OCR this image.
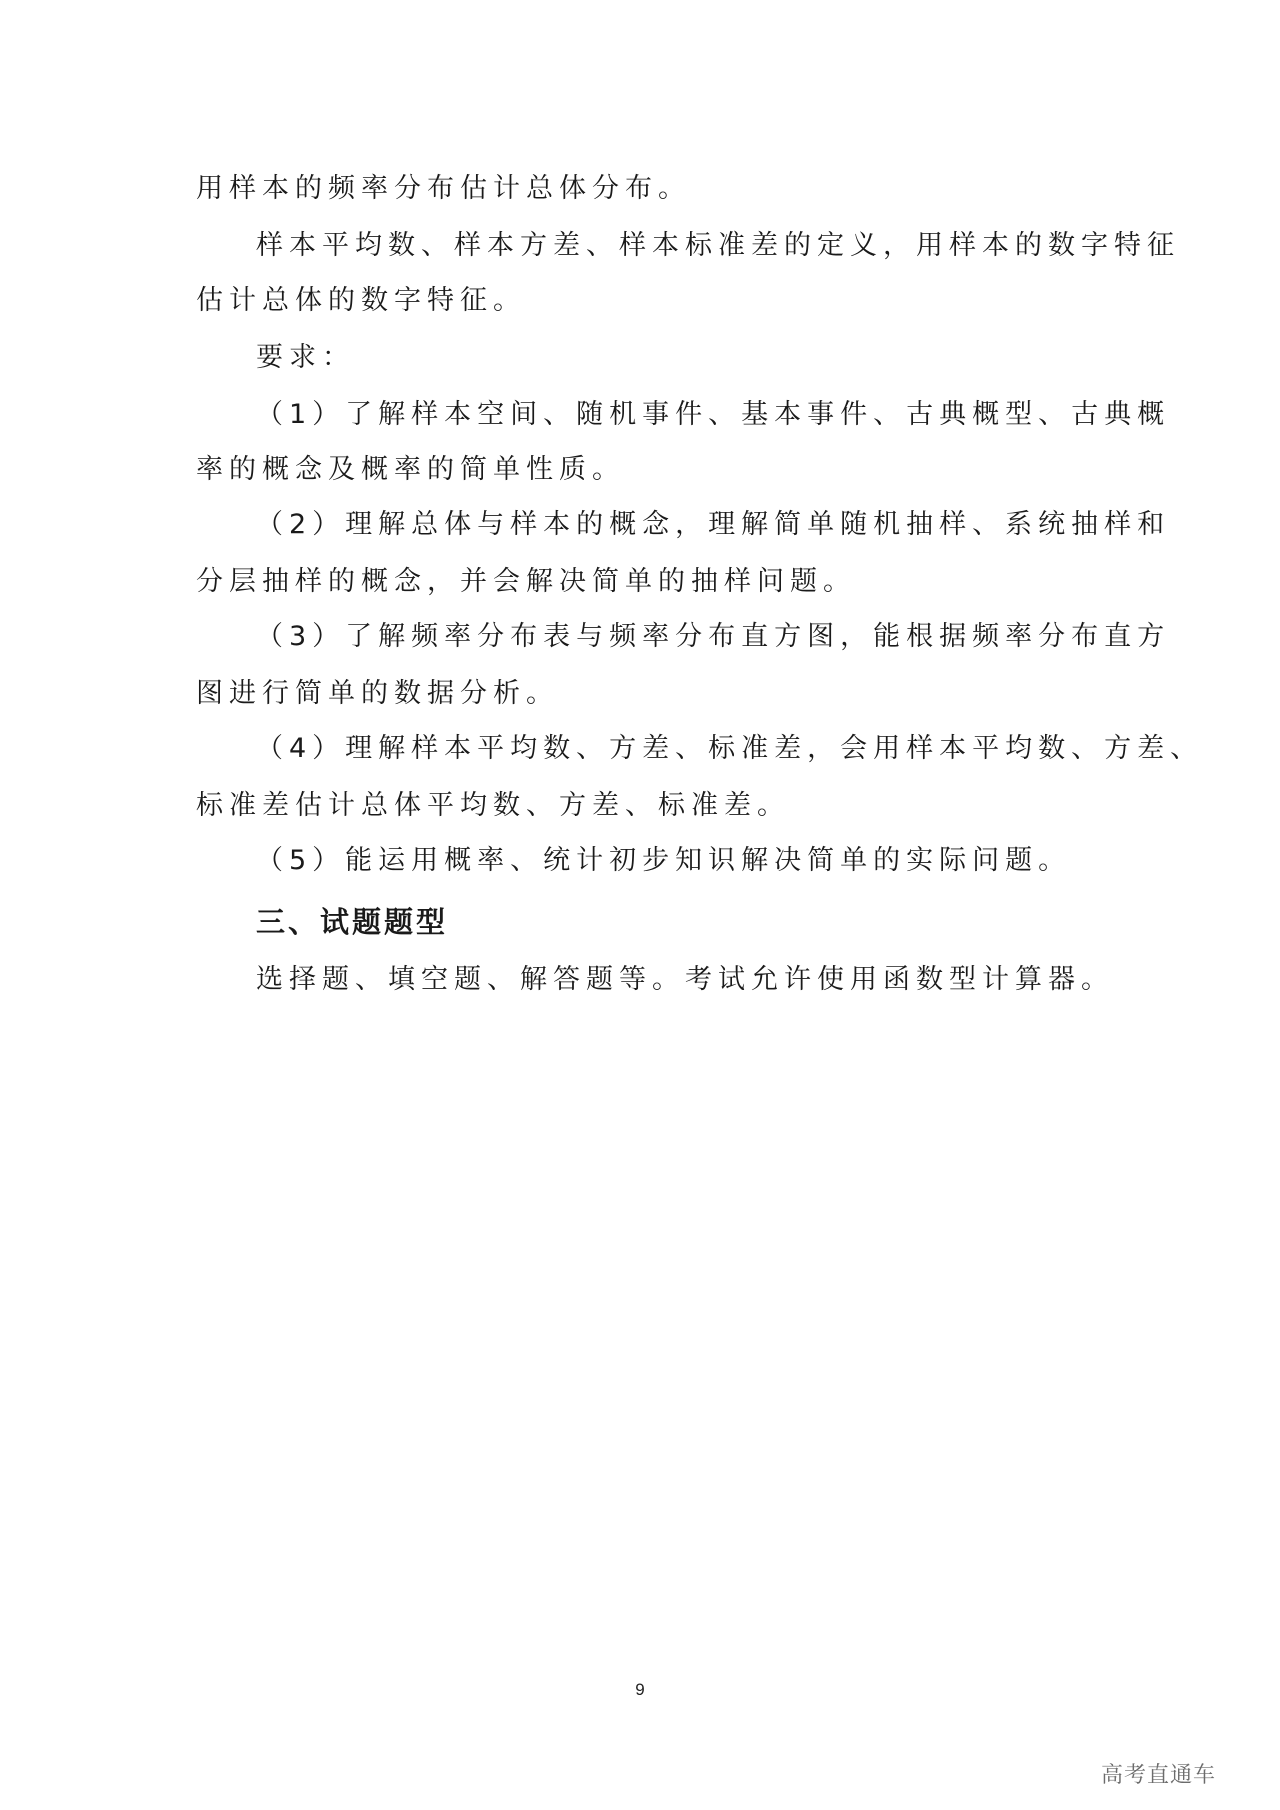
用样本的频率分布估计总体分布。
样本平均数、样本方差、样本标准差的定义，用样本的数字特征
估计总体的数字特征。
要求：
（1）了解样本空间、随机事件、基本事件、古典概型、古典概
率的概念及概率的简单性质。
（2）理解总体与样本的概念，理解简单随机抽样、系统抽样和
分层抽样的概念，并会解决简单的抽样问题。
（3）了解频率分布表与频率分布直方图，能根据频率分布直方
图进行简单的数据分析。
（4）理解样本平均数、方差、标准差，会用样本平均数、方差、
标准差估计总体平均数、方差、标准差。
（5）能运用概率、统计初步知识解决简单的实际问题。
三、试题题型
选择题、填空题、解答题等。考试允许使用函数型计算器。
9
高考直通车
